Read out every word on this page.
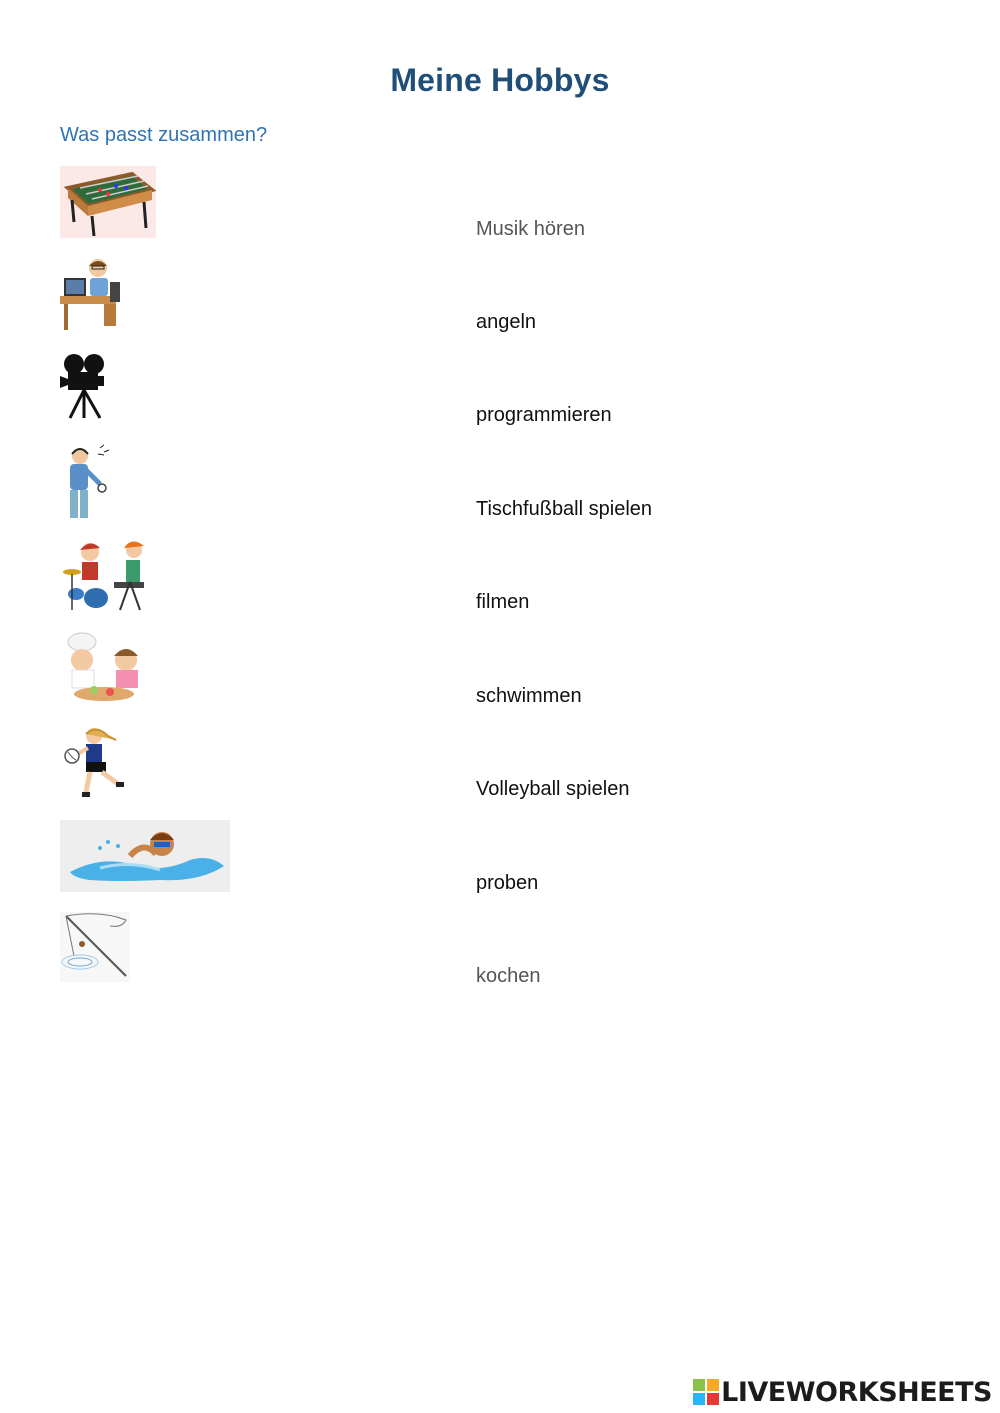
Meine Hobbys
Was passt zusammen?
Musik hören
angeln
programmieren
Tischfußball spielen
filmen
schwimmen
Volleyball spielen
proben
kochen
LIVEWORKSHEETS
